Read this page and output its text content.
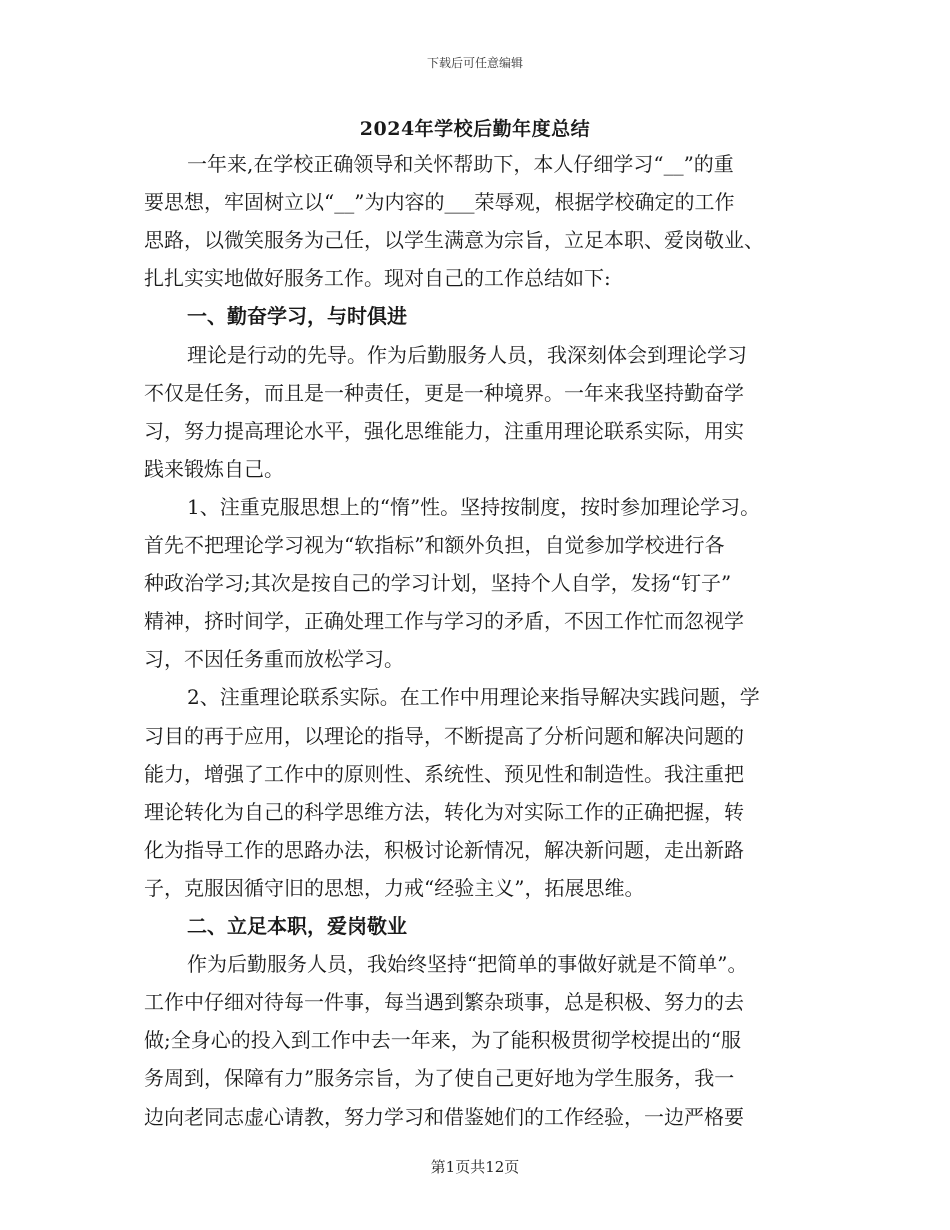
下载后可任意编辑
2024年学校后勤年度总结
一年来,在学校正确领导和关怀帮助下，本人仔细学习“__”的重
要思想，牢固树立以“__”为内容的___荣辱观，根据学校确定的工作
思路，以微笑服务为己任，以学生满意为宗旨，立足本职、爱岗敬业、
扎扎实实地做好服务工作。现对自己的工作总结如下:
一、勤奋学习，与时俱进
理论是行动的先导。作为后勤服务人员，我深刻体会到理论学习
不仅是任务，而且是一种责任，更是一种境界。一年来我坚持勤奋学
习，努力提高理论水平，强化思维能力，注重用理论联系实际，用实
践来锻炼自己。
1、注重克服思想上的“惰”性。坚持按制度，按时参加理论学习。
首先不把理论学习视为“软指标”和额外负担，自觉参加学校进行各
种政治学习;其次是按自己的学习计划，坚持个人自学，发扬“钉子”
精神，挤时间学，正确处理工作与学习的矛盾，不因工作忙而忽视学
习，不因任务重而放松学习。
2、注重理论联系实际。在工作中用理论来指导解决实践问题，学
习目的再于应用，以理论的指导，不断提高了分析问题和解决问题的
能力，增强了工作中的原则性、系统性、预见性和制造性。我注重把
理论转化为自己的科学思维方法，转化为对实际工作的正确把握，转
化为指导工作的思路办法，积极讨论新情况，解决新问题，走出新路
子，克服因循守旧的思想，力戒“经验主义”，拓展思维。
二、立足本职，爱岗敬业
作为后勤服务人员，我始终坚持“把简单的事做好就是不简单”。
工作中仔细对待每一件事，每当遇到繁杂琐事，总是积极、努力的去
做;全身心的投入到工作中去一年来，为了能积极贯彻学校提出的“服
务周到，保障有力”服务宗旨，为了使自己更好地为学生服务，我一
边向老同志虚心请教，努力学习和借鉴她们的工作经验，一边严格要
第1页共12页
